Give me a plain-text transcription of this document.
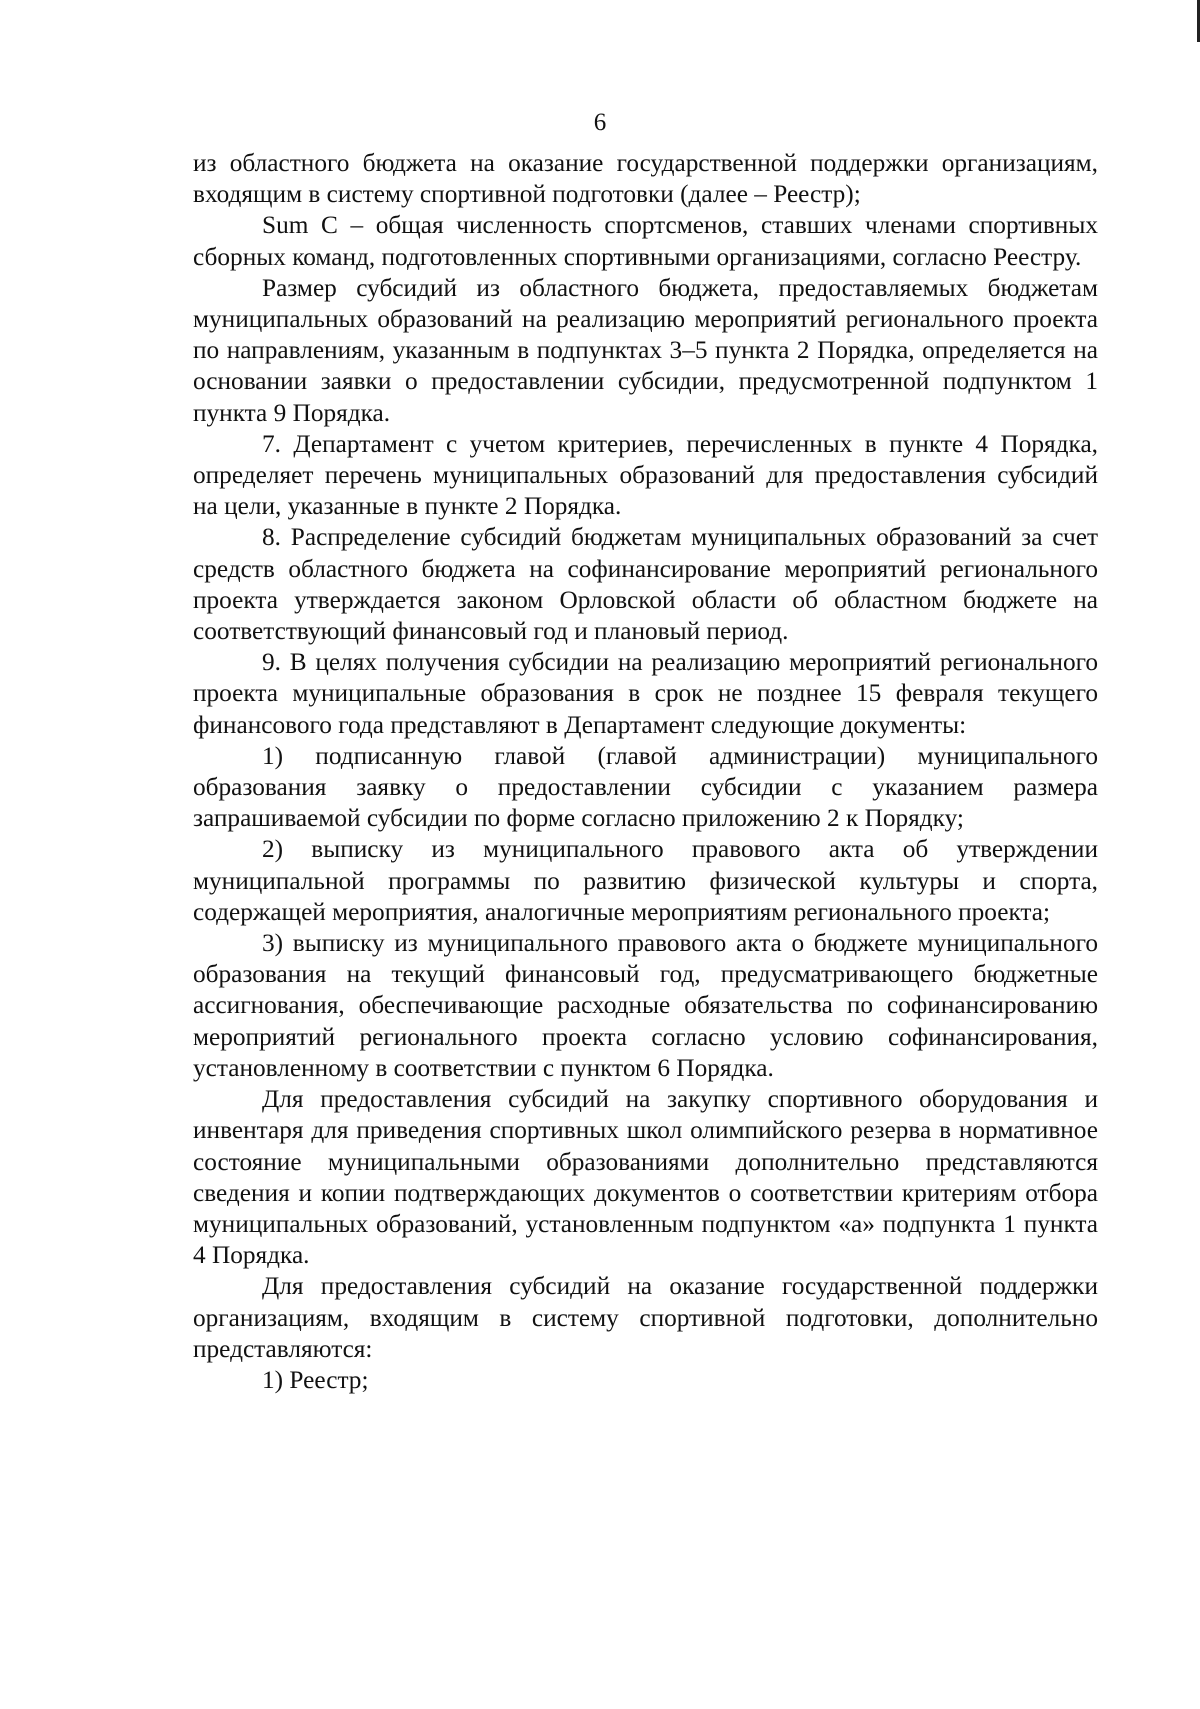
6

из областного бюджета на оказание государственной поддержки организациям, входящим в систему спортивной подготовки (далее – Реестр);

Sum C – общая численность спортсменов, ставших членами спортивных сборных команд, подготовленных спортивными организациями, согласно Реестру.

Размер субсидий из областного бюджета, предоставляемых бюджетам муниципальных образований на реализацию мероприятий регионального проекта по направлениям, указанным в подпунктах 3–5 пункта 2 Порядка, определяется на основании заявки о предоставлении субсидии, предусмотренной подпунктом 1 пункта 9 Порядка.

7. Департамент с учетом критериев, перечисленных в пункте 4 Порядка, определяет перечень муниципальных образований для предоставления субсидий на цели, указанные в пункте 2 Порядка.

8. Распределение субсидий бюджетам муниципальных образований за счет средств областного бюджета на софинансирование мероприятий регионального проекта утверждается законом Орловской области об областном бюджете на соответствующий финансовый год и плановый период.

9. В целях получения субсидии на реализацию мероприятий регионального проекта муниципальные образования в срок не позднее 15 февраля текущего финансового года представляют в Департамент следующие документы:

1) подписанную главой (главой администрации) муниципального образования заявку о предоставлении субсидии с указанием размера запрашиваемой субсидии по форме согласно приложению 2 к Порядку;

2) выписку из муниципального правового акта об утверждении муниципальной программы по развитию физической культуры и спорта, содержащей мероприятия, аналогичные мероприятиям регионального проекта;

3) выписку из муниципального правового акта о бюджете муниципального образования на текущий финансовый год, предусматривающего бюджетные ассигнования, обеспечивающие расходные обязательства по софинансированию мероприятий регионального проекта согласно условию софинансирования, установленному в соответствии с пунктом 6 Порядка.

Для предоставления субсидий на закупку спортивного оборудования и инвентаря для приведения спортивных школ олимпийского резерва в нормативное состояние муниципальными образованиями дополнительно представляются сведения и копии подтверждающих документов о соответствии критериям отбора муниципальных образований, установленным подпунктом «а» подпункта 1 пункта 4 Порядка.

Для предоставления субсидий на оказание государственной поддержки организациям, входящим в систему спортивной подготовки, дополнительно представляются:

1) Реестр;
